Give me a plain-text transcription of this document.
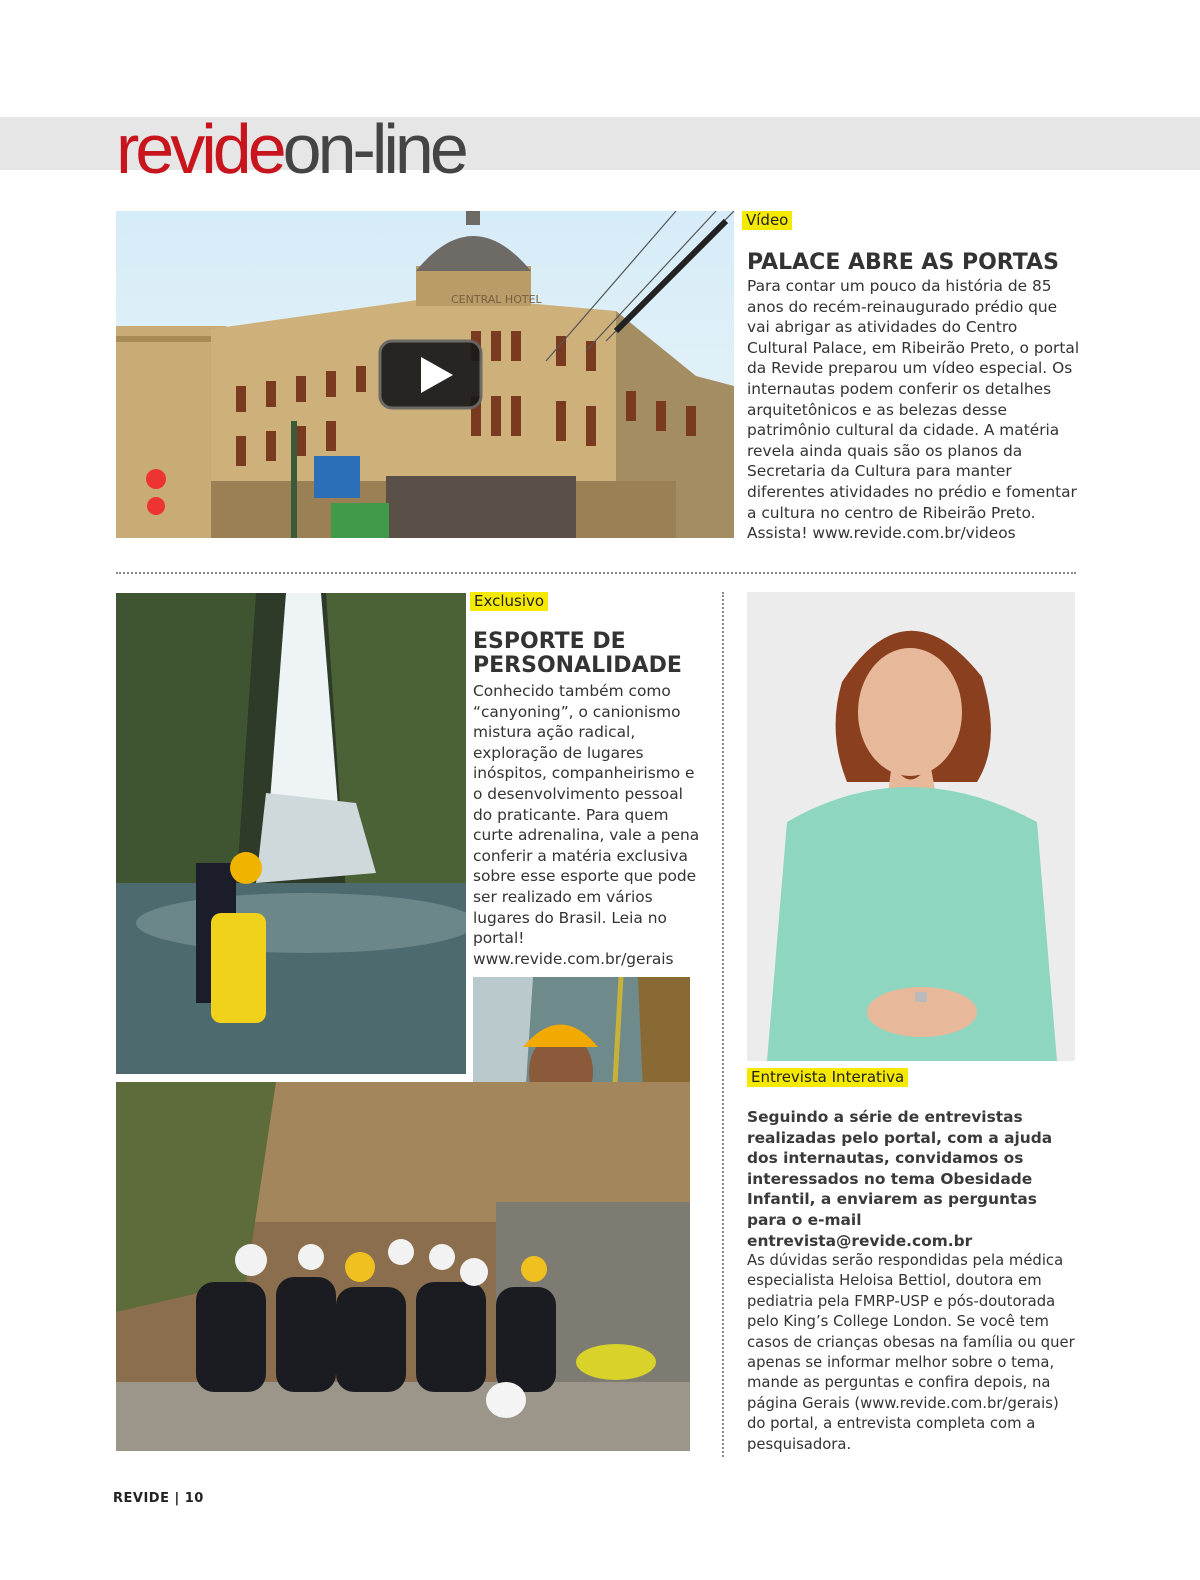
revideon-line
CENTRAL HOTEL
Vídeo
PALACE ABRE AS PORTAS
Para contar um pouco da história de 85 anos do recém-reinaugurado prédio que vai abrigar as atividades do Centro Cultural Palace, em Ribeirão Preto, o portal da Revide preparou um vídeo especial. Os internautas podem conferir os detalhes arquitetônicos e as belezas desse patrimônio cultural da cidade. A matéria revela ainda quais são os planos da Secretaria da Cultura para manter diferentes atividades no prédio e fomentar a cultura no centro de Ribeirão Preto. Assista! www.revide.com.br/videos
Exclusivo
ESPORTE DE
PERSONALIDADE
Conhecido também como “canyoning”, o canionismo mistura ação radical, exploração de lugares inóspitos, companheirismo e o desenvolvimento pessoal do praticante. Para quem curte adrenalina, vale a pena conferir a matéria exclusiva sobre esse esporte que pode ser realizado em vários lugares do Brasil. Leia no portal! www.revide.com.br/gerais
Entrevista Interativa
Seguindo a série de entrevistas realizadas pelo portal, com a ajuda dos internautas, convidamos os interessados no tema Obesidade Infantil, a enviarem as perguntas para o e-mail entrevista@revide.com.br
As dúvidas serão respondidas pela médica especialista Heloisa Bettiol, doutora em pediatria pela FMRP-USP e pós-doutorada pelo King’s College London. Se você tem casos de crianças obesas na família ou quer apenas se informar melhor sobre o tema, mande as perguntas e confira depois, na página Gerais (www.revide.com.br/gerais) do portal, a entrevista completa com a pesquisadora.
REVIDE | 10
